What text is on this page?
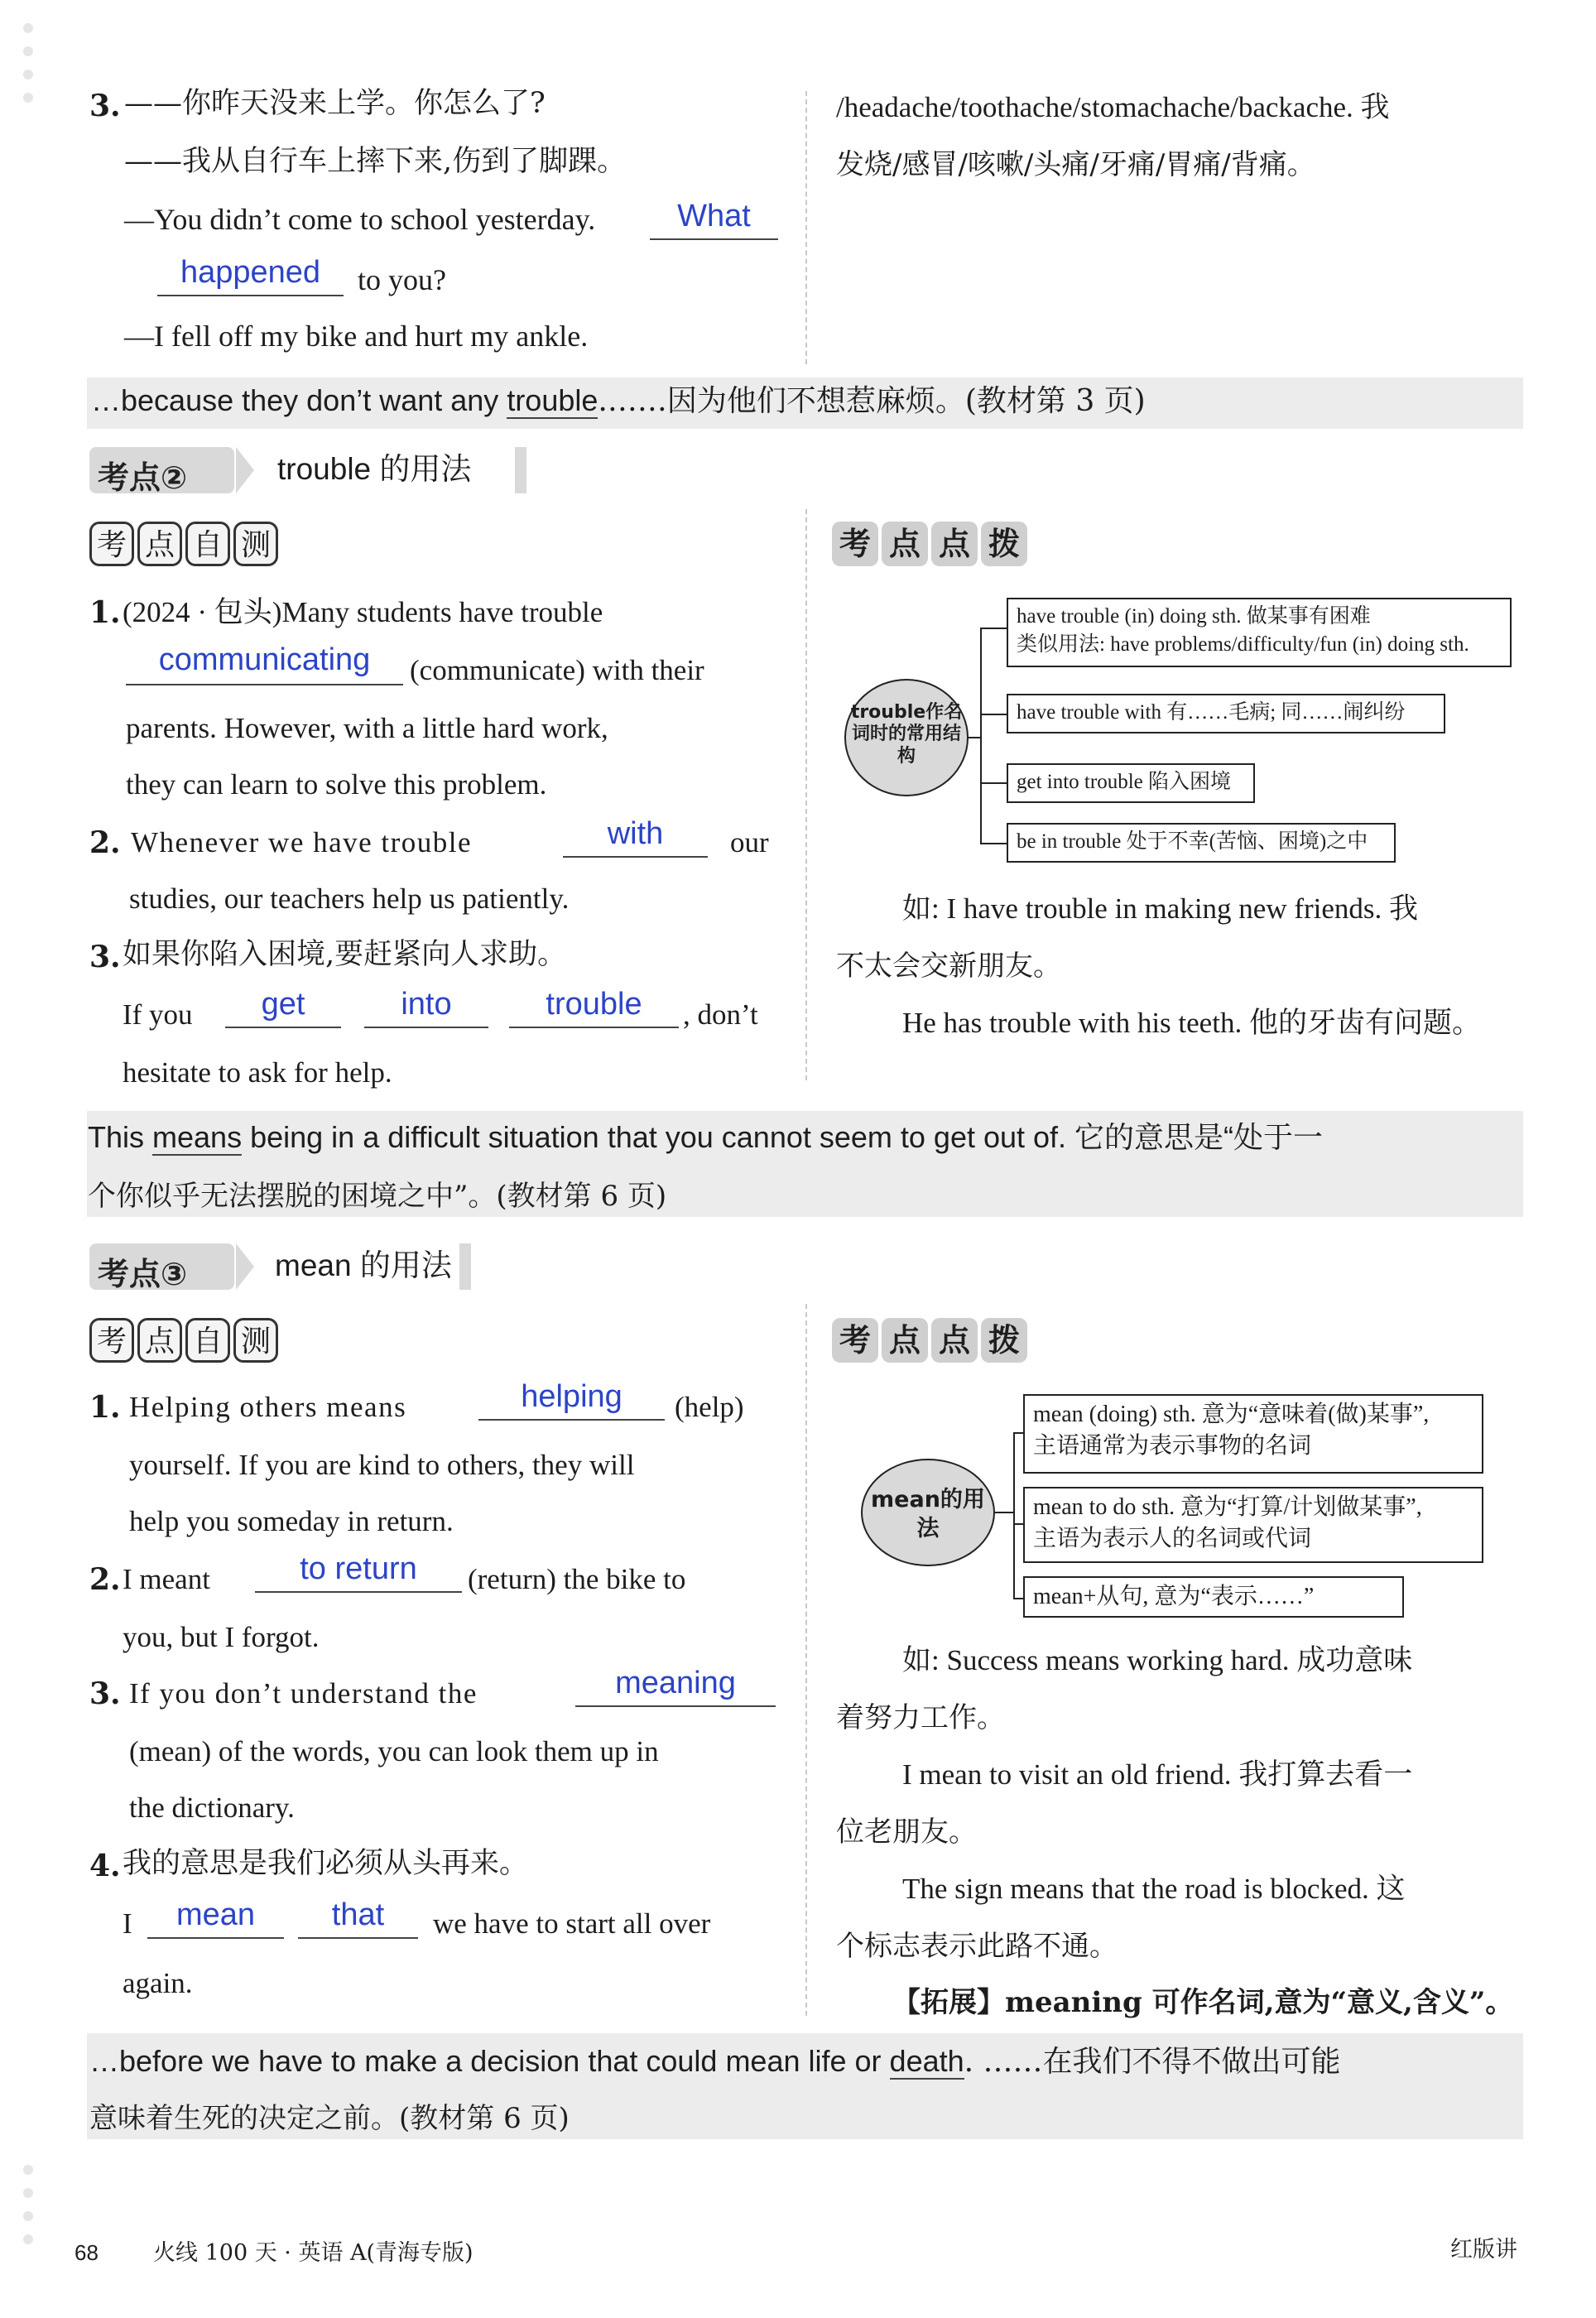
3. ——你昨天没来上学。你怎么了?
——我从自行车上摔下来,伤到了脚踝。
—You didn’t come to school yesterday.	What
happened	to you?
—I fell off my bike and hurt my ankle.
/headache/toothache/stomachache/backache. 我
发烧/感冒/咳嗽/头痛/牙痛/胃痛/背痛。
…because they don’t want any trouble.……因为他们不想惹麻烦。(教材第 3 页)
考点②	trouble 的用法
考 点 自 测	考 点 点 拨
1. (2024 · 包头)Many students have trouble
communicating	(communicate) with their
parents. However, with a little hard work,
they can learn to solve this problem.
2. Whenever we have trouble	with	our
studies, our teachers help us patiently.
3. 如果你陷入困境,要赶紧向人求助。
If you	get	into	trouble	, don’t
hesitate to ask for help.
trouble作名词时的常用结构
have trouble (in) doing sth. 做某事有困难
类似用法: have problems/difficulty/fun (in) doing sth.
have trouble with 有……毛病; 同……闹纠纷
get into trouble 陷入困境
be in trouble 处于不幸(苦恼、困境)之中
如: I have trouble in making new friends. 我
不太会交新朋友。
He has trouble with his teeth. 他的牙齿有问题。
This means being in a difficult situation that you cannot seem to get out of. 它的意思是“处于一
个你似乎无法摆脱的困境之中”。(教材第 6 页)
考点③	mean 的用法
考 点 自 测	考 点 点 拨
1. Helping others means	helping	(help)
yourself. If you are kind to others, they will
help you someday in return.
2. I meant	to return	(return) the bike to
you, but I forgot.
3. If you don’t understand the	meaning
(mean) of the words, you can look them up in
the dictionary.
4. 我的意思是我们必须从头再来。
I	mean	that	we have to start all over
again.
mean的用法
mean (doing) sth. 意为“意味着(做)某事”,
主语通常为表示事物的名词
mean to do sth. 意为“打算/计划做某事”,
主语为表示人的名词或代词
mean+从句, 意为“表示……”
如: Success means working hard. 成功意味
着努力工作。
I mean to visit an old friend. 我打算去看一
位老朋友。
The sign means that the road is blocked. 这
个标志表示此路不通。
【拓展】meaning 可作名词,意为“意义,含义”。
…before we have to make a decision that could mean life or death. ……在我们不得不做出可能
意味着生死的决定之前。(教材第 6 页)
68 火线 100 天 · 英语 A(青海专版)	红版讲
